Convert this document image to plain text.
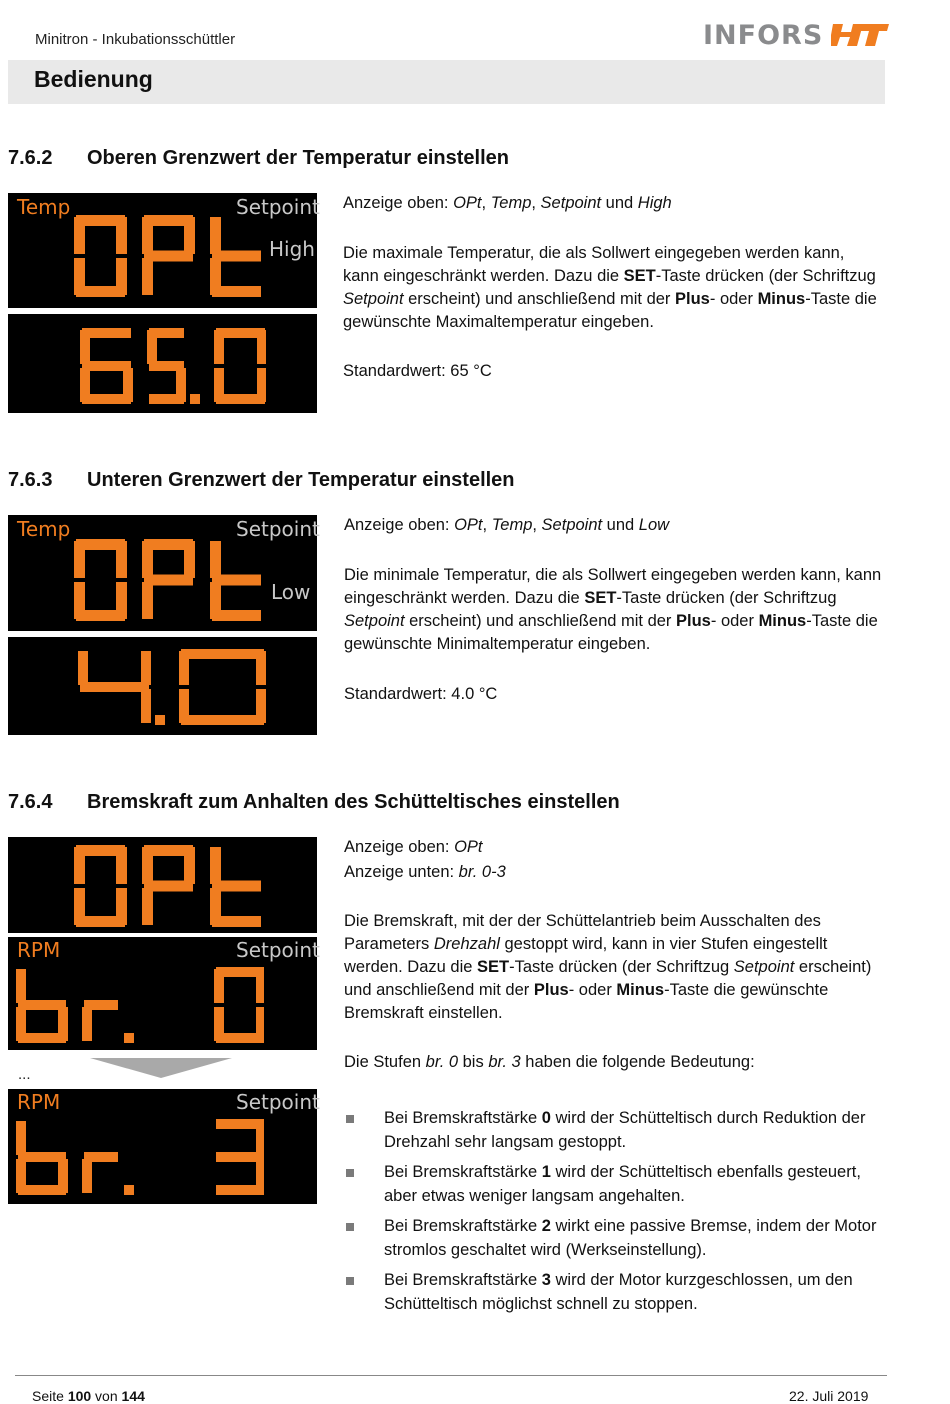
Minitron - Inkubationsschüttler	INFORS
Bedienung
7.6.2 Oberen Grenzwert der Temperatur einstellen
Temp	Setpoint
High

Anzeige oben: OPt, Temp, Setpoint und High

Die maximale Temperatur, die als Sollwert eingegeben werden kann, kann eingeschränkt werden. Dazu die SET-Taste drücken (der Schriftzug Setpoint erscheint) und anschließend mit der Plus- oder Minus-Taste die gewünschte Maximaltemperatur eingeben.

Standardwert: 65 °C

7.6.3 Unteren Grenzwert der Temperatur einstellen
Temp	Setpoint
Low

Anzeige oben: OPt, Temp, Setpoint und Low

Die minimale Temperatur, die als Sollwert eingegeben werden kann, kann eingeschränkt werden. Dazu die SET-Taste drücken (der Schriftzug Setpoint erscheint) und anschließend mit der Plus- oder Minus-Taste die gewünschte Minimaltemperatur eingeben.

Standardwert: 4.0 °C

7.6.4 Bremskraft zum Anhalten des Schütteltisches einstellen
RPM	Setpoint
...
RPM	Setpoint

Anzeige oben: OPt

Anzeige unten: br. 0-3

Die Bremskraft, mit der der Schüttelantrieb beim Ausschalten des Parameters Drehzahl gestoppt wird, kann in vier Stufen eingestellt werden. Dazu die SET-Taste drücken (der Schriftzug Setpoint erscheint) und anschließend mit der Plus- oder Minus-Taste die gewünschte Bremskraft einstellen.

Die Stufen br. 0 bis br. 3 haben die folgende Bedeutung:

Bei Bremskraftstärke 0 wird der Schütteltisch durch Reduktion der Drehzahl sehr langsam gestoppt.
Bei Bremskraftstärke 1 wird der Schütteltisch ebenfalls gesteuert, aber etwas weniger langsam angehalten.
Bei Bremskraftstärke 2 wirkt eine passive Bremse, indem der Motor stromlos geschaltet wird (Werkseinstellung).
Bei Bremskraftstärke 3 wird der Motor kurzgeschlossen, um den Schütteltisch möglichst schnell zu stoppen.
Seite 100 von 144	22. Juli 2019
